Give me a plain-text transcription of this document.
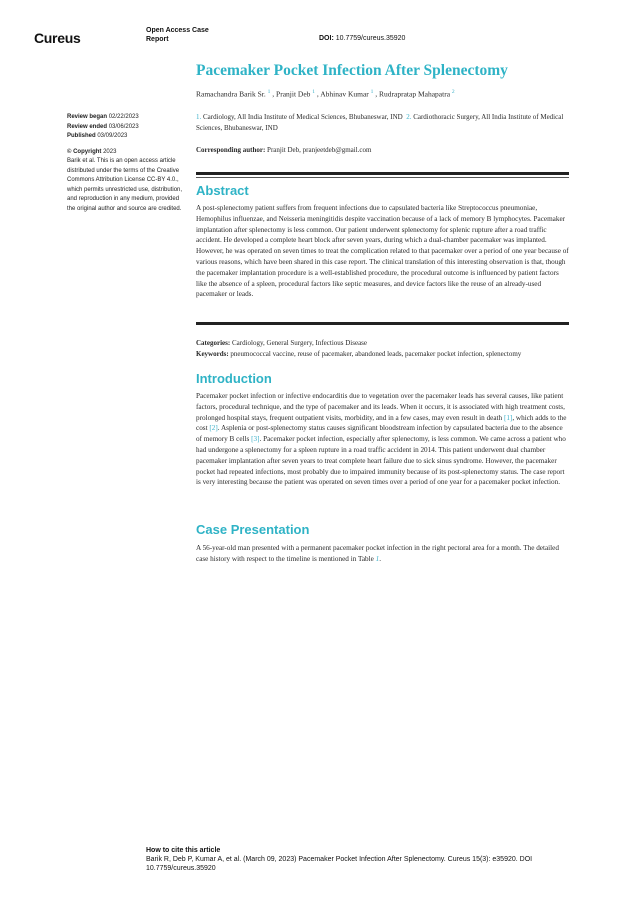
Cureus	Open Access Case Report	DOI: 10.7759/cureus.35920
Pacemaker Pocket Infection After Splenectomy
Ramachandra Barik Sr. $^1$ , Pranjit Deb $^1$ , Abhinav Kumar $^1$ , Rudrapratap Mahapatra $^2$
1. Cardiology, All India Institute of Medical Sciences, Bhubaneswar, IND 2. Cardiothoracic Surgery, All India Institute of Medical Sciences, Bhubaneswar, IND
Corresponding author: Pranjit Deb, pranjeetdeb@gmail.com
Review began 02/22/2023
Review ended 03/06/2023
Published 03/09/2023
© Copyright 2023
Barik et al. This is an open access article distributed under the terms of the Creative Commons Attribution License CC-BY 4.0., which permits unrestricted use, distribution, and reproduction in any medium, provided the original author and source are credited.
Abstract
A post-splenectomy patient suffers from frequent infections due to capsulated bacteria like Streptococcus pneumoniae, Hemophilus influenzae, and Neisseria meningitidis despite vaccination because of a lack of memory B lymphocytes. Pacemaker implantation after splenectomy is less common. Our patient underwent splenectomy for splenic rupture after a road traffic accident. He developed a complete heart block after seven years, during which a dual-chamber pacemaker was implanted. However, he was operated on seven times to treat the complication related to that pacemaker over a period of one year because of various reasons, which have been shared in this case report. The clinical translation of this interesting observation is that, though the pacemaker implantation procedure is a well-established procedure, the procedural outcome is influenced by patient factors like the absence of a spleen, procedural factors like septic measures, and device factors like the reuse of an already-used pacemaker or leads.
Categories: Cardiology, General Surgery, Infectious Disease
Keywords: pneumococcal vaccine, reuse of pacemaker, abandoned leads, pacemaker pocket infection, splenectomy
Introduction
Pacemaker pocket infection or infective endocarditis due to vegetation over the pacemaker leads has several causes, like patient factors, procedural technique, and the type of pacemaker and its leads. When it occurs, it is associated with high treatment costs, prolonged hospital stays, frequent outpatient visits, morbidity, and in a few cases, may even result in death [1], which adds to the cost [2]. Asplenia or post-splenectomy status causes significant bloodstream infection by capsulated bacteria due to the absence of memory B cells [3]. Pacemaker pocket infection, especially after splenectomy, is less common. We came across a patient who had undergone a splenectomy for a spleen rupture in a road traffic accident in 2014. This patient underwent dual chamber pacemaker implantation after seven years to treat complete heart failure due to sick sinus syndrome. However, the pacemaker pocket had repeated infections, most probably due to impaired immunity because of its post-splenectomy status. The case report is very interesting because the patient was operated on seven times over a period of one year for a pacemaker pocket infection.
Case Presentation
A 56-year-old man presented with a permanent pacemaker pocket infection in the right pectoral area for a month. The detailed case history with respect to the timeline is mentioned in Table 1.
How to cite this article
Barik R, Deb P, Kumar A, et al. (March 09, 2023) Pacemaker Pocket Infection After Splenectomy. Cureus 15(3): e35920. DOI 10.7759/cureus.35920
